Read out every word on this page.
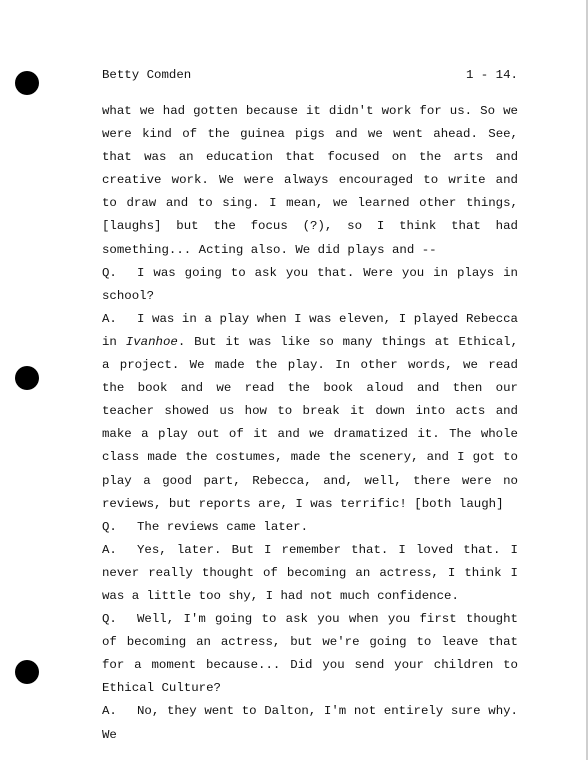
Betty Comden	1 - 14.

what we had gotten because it didn't work for us. So we were kind of the guinea pigs and we went ahead. See, that was an education that focused on the arts and creative work. We were always encouraged to write and to draw and to sing. I mean, we learned other things, [laughs] but the focus (?), so I think that had something... Acting also. We did plays and --

Q. I was going to ask you that. Were you in plays in school?

A. I was in a play when I was eleven, I played Rebecca in Ivanhoe. But it was like so many things at Ethical, a project. We made the play. In other words, we read the book and we read the book aloud and then our teacher showed us how to break it down into acts and make a play out of it and we dramatized it. The whole class made the costumes, made the scenery, and I got to play a good part, Rebecca, and, well, there were no reviews, but reports are, I was terrific! [both laugh]

Q. The reviews came later.

A. Yes, later. But I remember that. I loved that. I never really thought of becoming an actress, I think I was a little too shy, I had not much confidence.

Q. Well, I'm going to ask you when you first thought of becoming an actress, but we're going to leave that for a moment because... Did you send your children to Ethical Culture?

A. No, they went to Dalton, I'm not entirely sure why. We
